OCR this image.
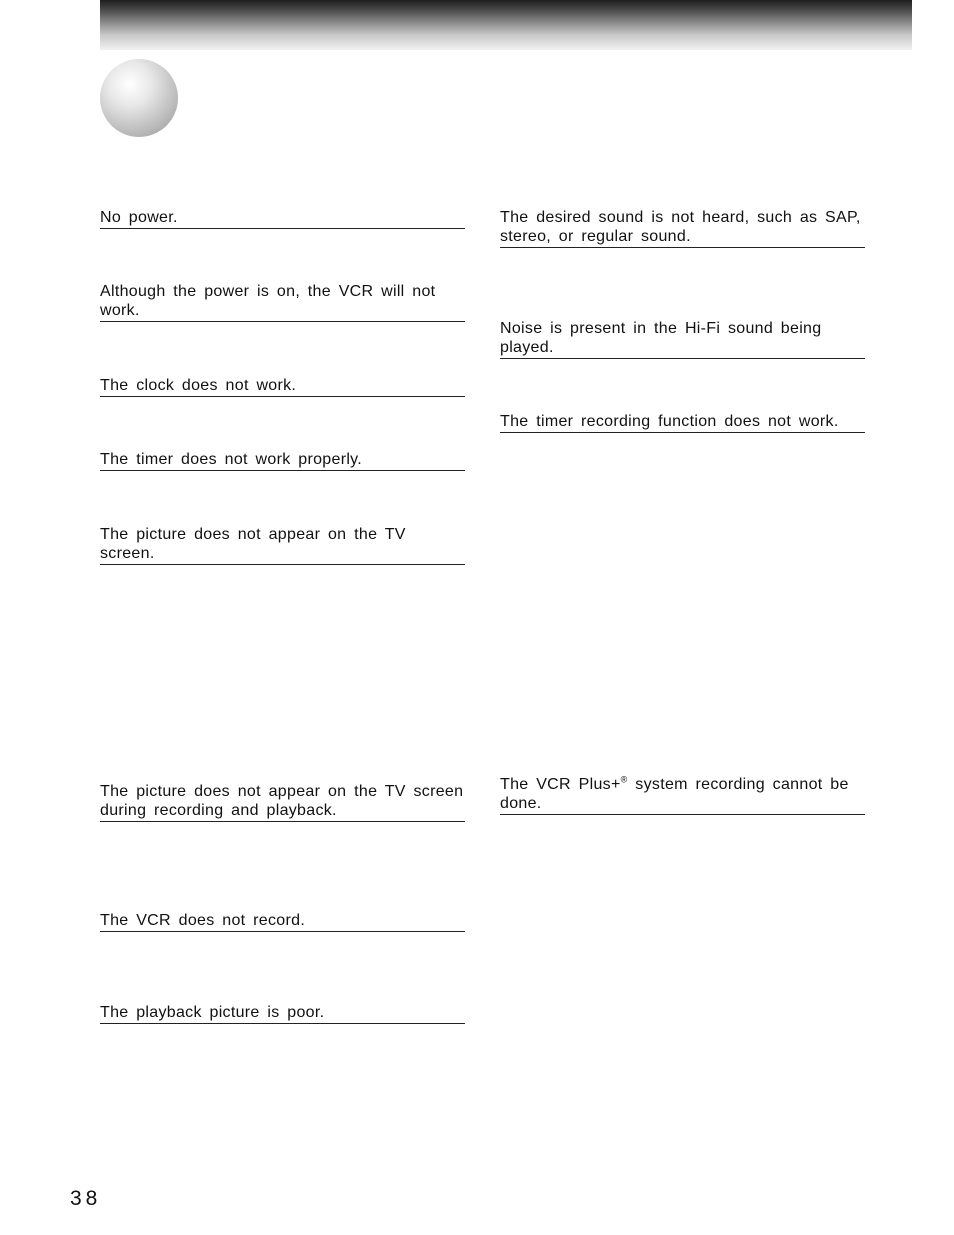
No power.
Although the power is on, the VCR will not work.
The clock does not work.
The timer does not work properly.
The picture does not appear on the TV screen.
The picture does not appear on the TV screen during recording and playback.
The VCR does not record.
The playback picture is poor.
The desired sound is not heard, such as SAP, stereo, or regular sound.
Noise is present in the Hi-Fi sound being played.
The timer recording function does not work.
The VCR Plus+® system recording cannot be done.
38
